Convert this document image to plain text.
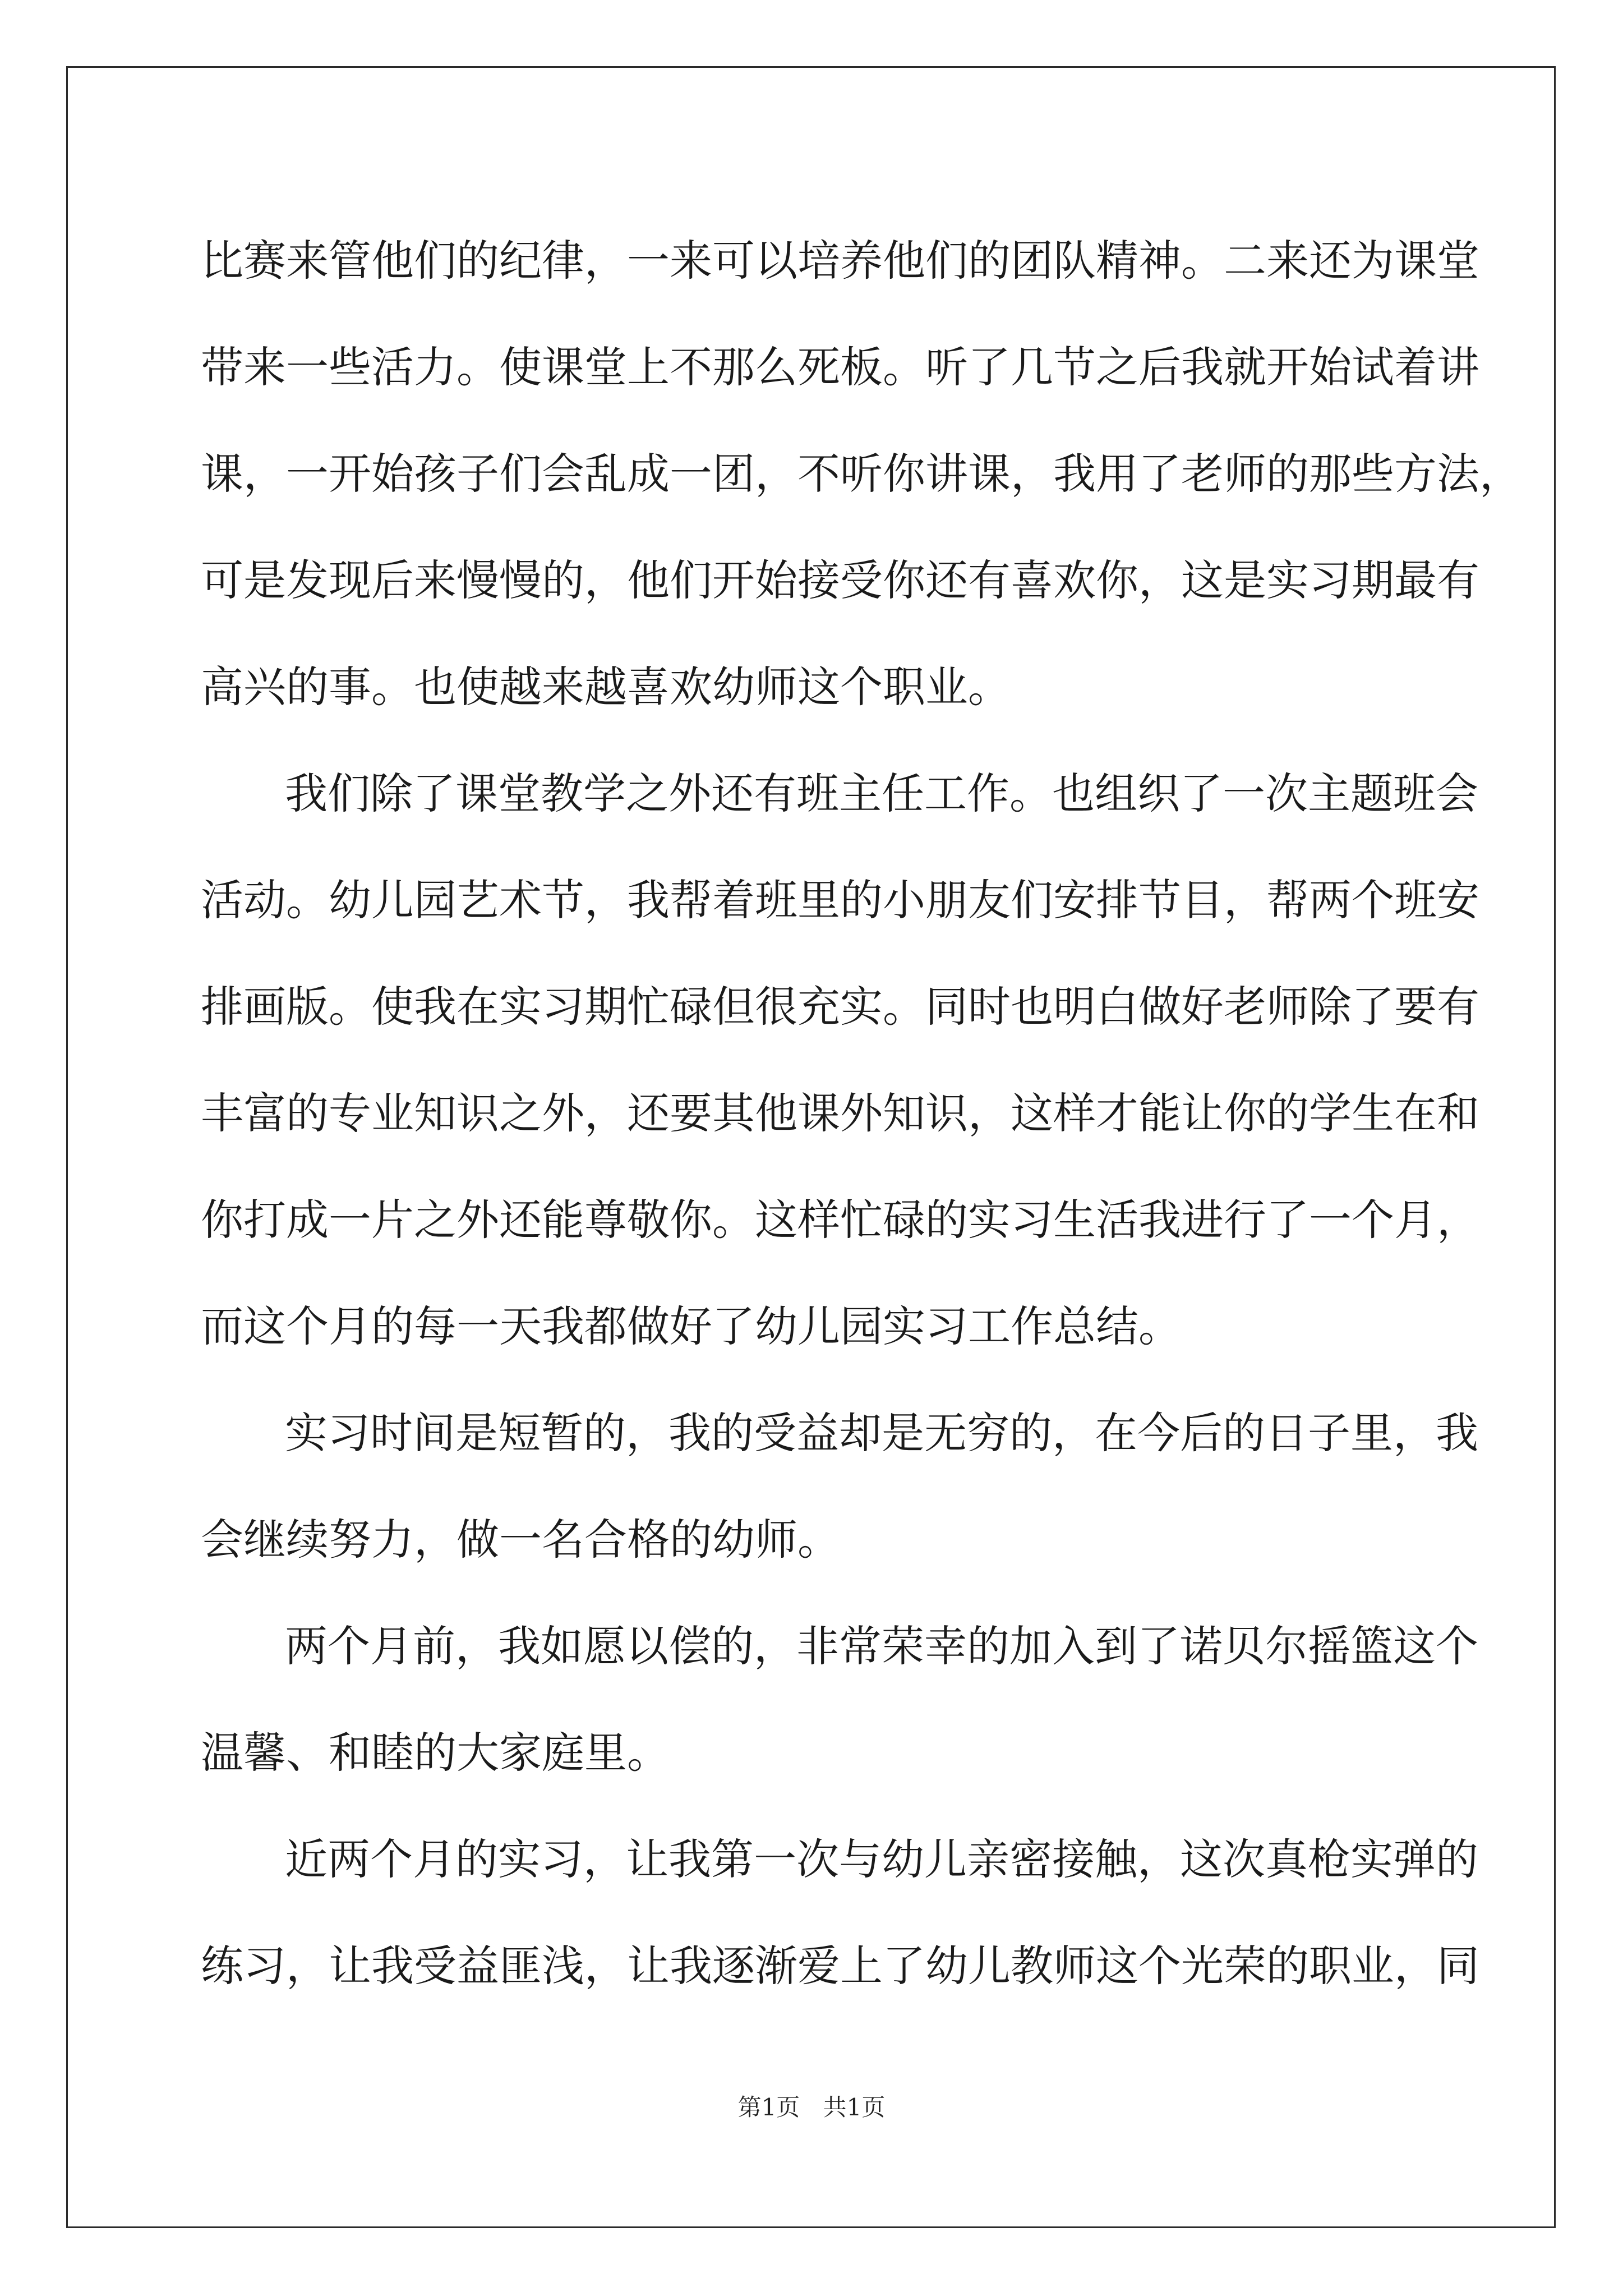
比赛来管他们的纪律，一来可以培养他们的团队精神。二来还为课堂
带来一些活力。使课堂上不那么死板。听了几节之后我就开始试着讲
课，一开始孩子们会乱成一团，不听你讲课，我用了老师的那些方法，
可是发现后来慢慢的，他们开始接受你还有喜欢你，这是实习期最有
高兴的事。也使越来越喜欢幼师这个职业。
我们除了课堂教学之外还有班主任工作。也组织了一次主题班会
活动。幼儿园艺术节，我帮着班里的小朋友们安排节目，帮两个班安
排画版。使我在实习期忙碌但很充实。同时也明白做好老师除了要有
丰富的专业知识之外，还要其他课外知识，这样才能让你的学生在和
你打成一片之外还能尊敬你。这样忙碌的实习生活我进行了一个月，
而这个月的每一天我都做好了幼儿园实习工作总结。
实习时间是短暂的，我的受益却是无穷的，在今后的日子里，我
会继续努力，做一名合格的幼师。
两个月前，我如愿以偿的，非常荣幸的加入到了诺贝尔摇篮这个
温馨、和睦的大家庭里。
近两个月的实习，让我第一次与幼儿亲密接触，这次真枪实弹的
练习，让我受益匪浅，让我逐渐爱上了幼儿教师这个光荣的职业，同
第1页 共1页
